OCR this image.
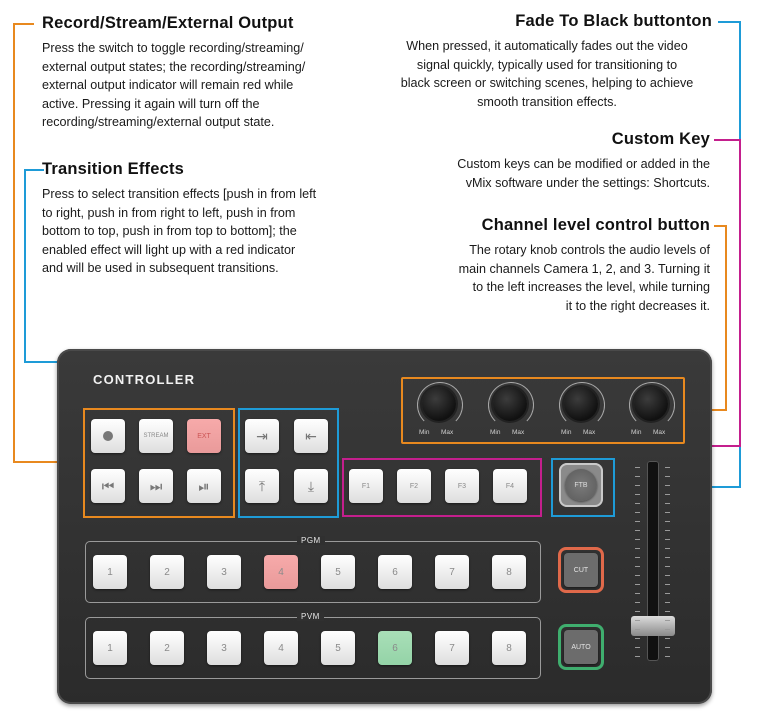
Record/Stream/External Output

Press the switch to toggle recording/streaming/
external output states; the recording/streaming/
external output indicator will remain red while
active. Pressing it again will turn off the
recording/streaming/external output state.

Transition Effects

Press to select transition effects [push in from left
to right, push in from right to left, push in from
bottom to top, push in from top to bottom]; the
enabled effect will light up with a red indicator
and will be used in subsequent transitions.

Fade To Black buttonton

When pressed, it automatically fades out the video
signal quickly, typically used for transitioning to
black screen or switching scenes, helping to achieve
smooth transition effects.

Custom Key

Custom keys can be modified or added in the
vMix software under the settings: Shortcuts.

Channel level control button

The rotary knob controls the audio levels of
main channels Camera 1, 2, and 3. Turning it
to the left increases the level, while turning
it to the right decreases it.

CONTROLLER
STREAM	EXT
⏮	⏭	⏯
⇥	⇤
⤒	⤓
Min Max	Min Max	Min Max	Min Max
F1	F2	F3	F4	FTB
CUT
AUTO
PGM
1	2	3	4	5	6	7	8
PVM
1	2	3	4	5	6	7	8
